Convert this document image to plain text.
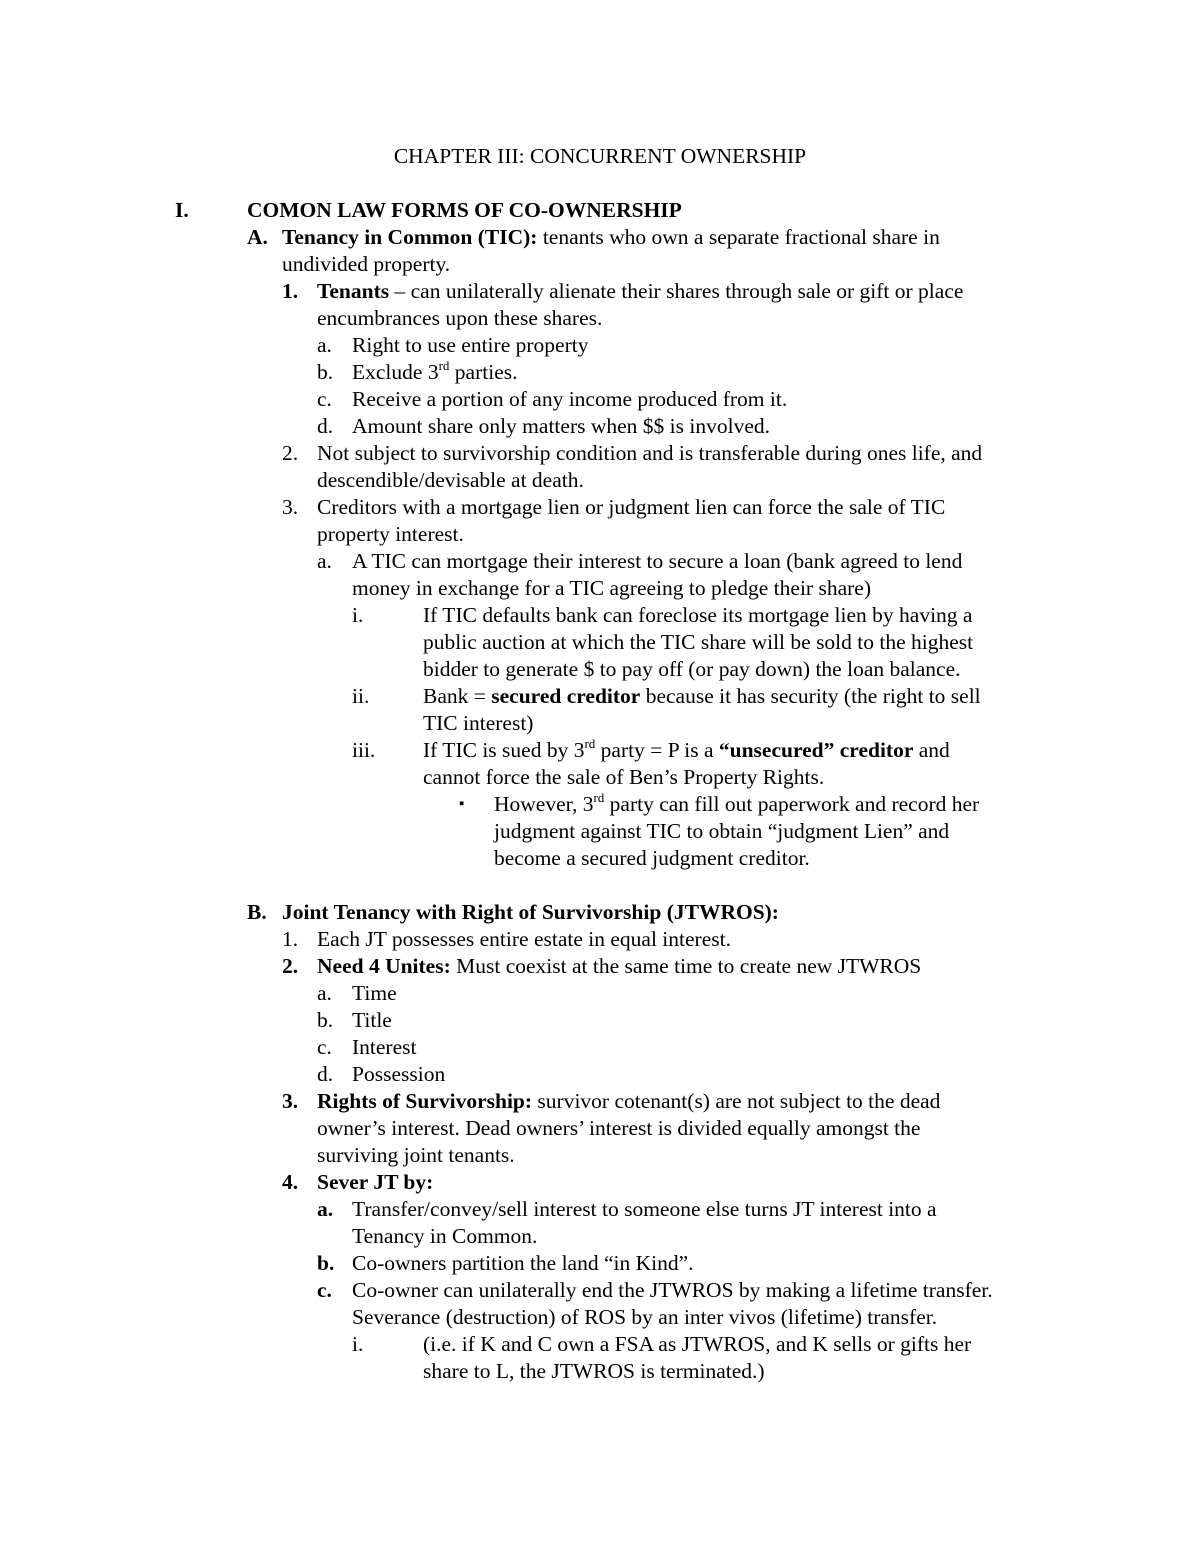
CHAPTER III: CONCURRENT OWNERSHIP
I.	COMON LAW FORMS OF CO-OWNERSHIP
A. Tenancy in Common (TIC): tenants who own a separate fractional share in
undivided property.
1. Tenants – can unilaterally alienate their shares through sale or gift or place
encumbrances upon these shares.
a. Right to use entire property
b. Exclude 3rd parties.
c. Receive a portion of any income produced from it.
d. Amount share only matters when $$ is involved.
2. Not subject to survivorship condition and is transferable during ones life, and
descendible/devisable at death.
3. Creditors with a mortgage lien or judgment lien can force the sale of TIC
property interest.
a. A TIC can mortgage their interest to secure a loan (bank agreed to lend
money in exchange for a TIC agreeing to pledge their share)
i.	If TIC defaults bank can foreclose its mortgage lien by having a
public auction at which the TIC share will be sold to the highest
bidder to generate $ to pay off (or pay down) the loan balance.
ii. Bank = secured creditor because it has security (the right to sell
TIC interest)
iii. If TIC is sued by 3rd party = P is a “unsecured” creditor and
cannot force the sale of Ben’s Property Rights.
▪ However, 3rd party can fill out paperwork and record her
judgment against TIC to obtain “judgment Lien” and
become a secured judgment creditor.
B. Joint Tenancy with Right of Survivorship (JTWROS):
1. Each JT possesses entire estate in equal interest.
2. Need 4 Unites: Must coexist at the same time to create new JTWROS
a. Time
b. Title
c. Interest
d. Possession
3. Rights of Survivorship: survivor cotenant(s) are not subject to the dead
owner’s interest. Dead owners’ interest is divided equally amongst the
surviving joint tenants.
4. Sever JT by:
a. Transfer/convey/sell interest to someone else turns JT interest into a
Tenancy in Common.
b. Co-owners partition the land “in Kind”.
c. Co-owner can unilaterally end the JTWROS by making a lifetime transfer.
Severance (destruction) of ROS by an inter vivos (lifetime) transfer.
i.	(i.e. if K and C own a FSA as JTWROS, and K sells or gifts her
share to L, the JTWROS is terminated.)
